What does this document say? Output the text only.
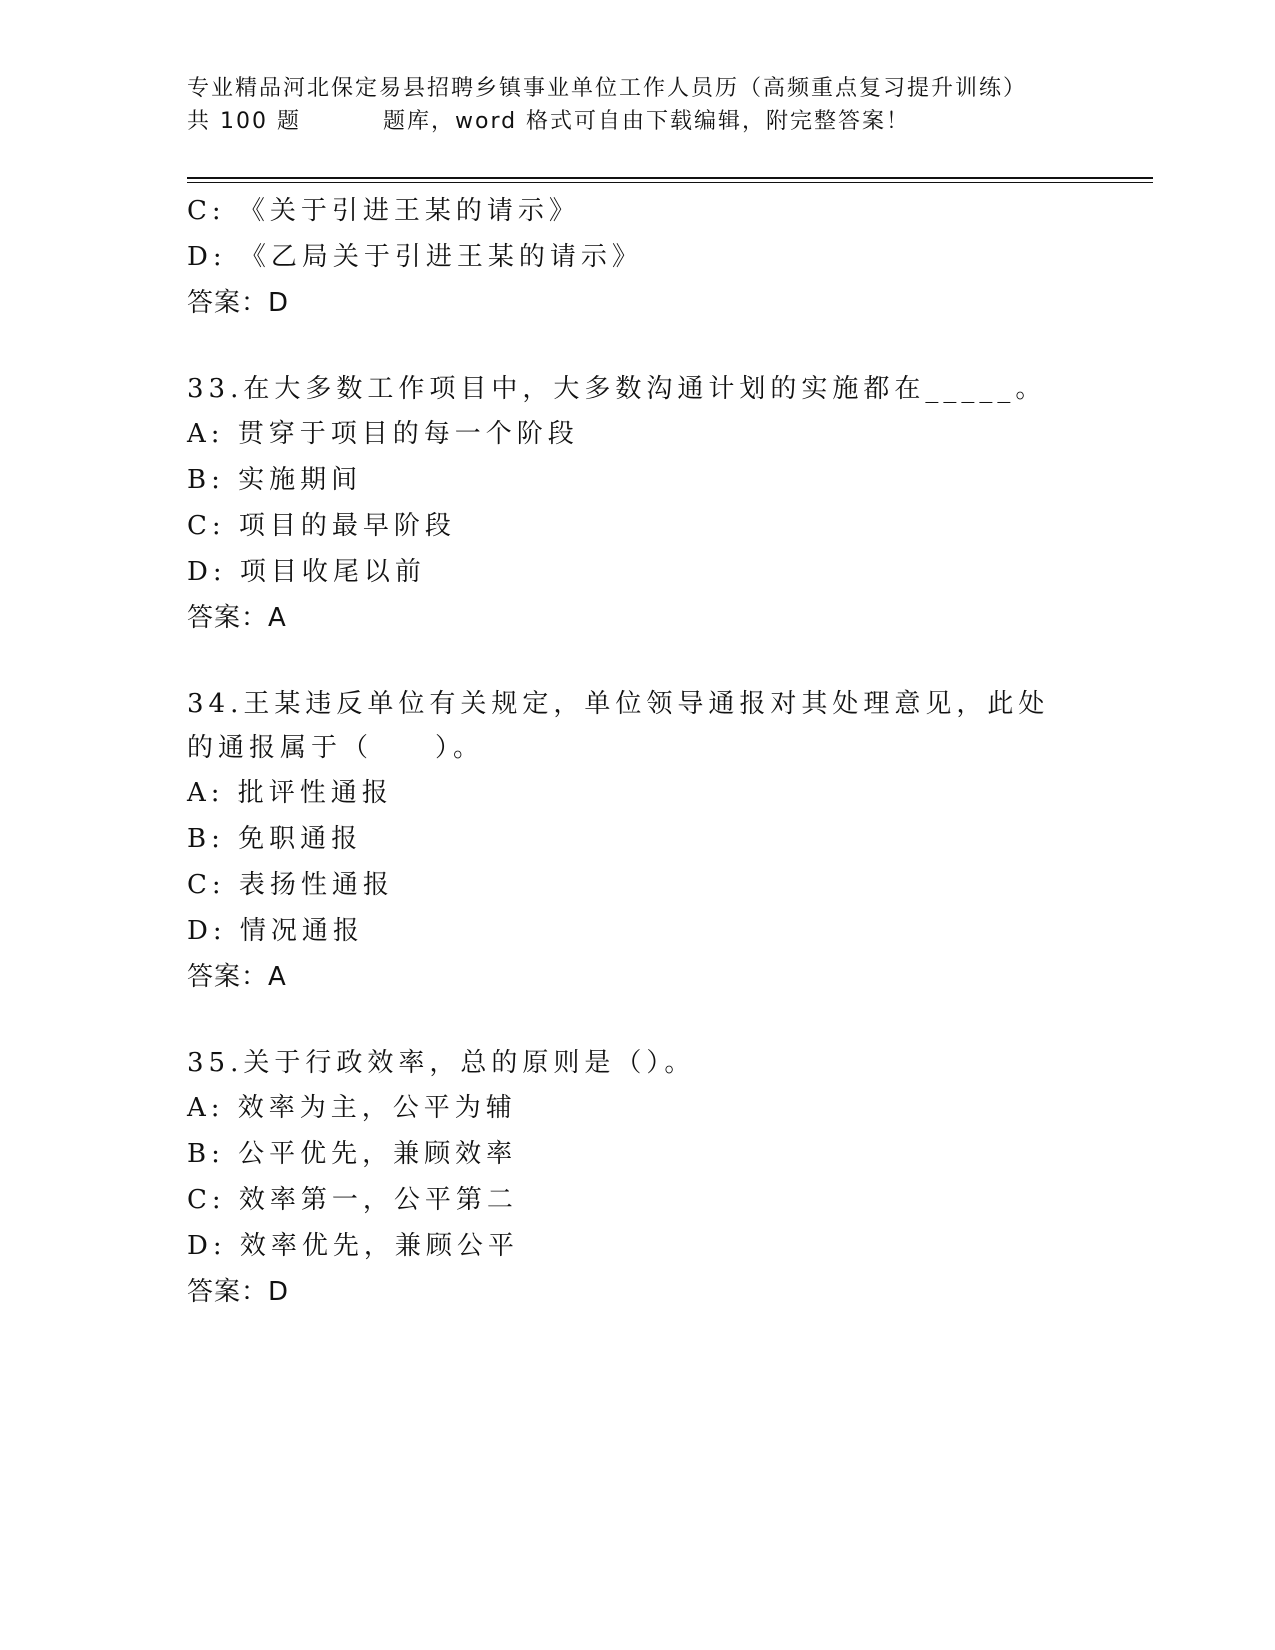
专业精品河北保定易县招聘乡镇事业单位工作人员历（高频重点复习提升训练）
共 100 题	题库，word 格式可自由下载编辑，附完整答案！
C: 《关于引进王某的请示》
D: 《乙局关于引进王某的请示》
答案：D
33.在大多数工作项目中，大多数沟通计划的实施都在_____。
A: 贯穿于项目的每一个阶段
B: 实施期间
C: 项目的最早阶段
D: 项目收尾以前
答案：A
34.王某违反单位有关规定，单位领导通报对其处理意见，此处的通报属于（　　）。
A: 批评性通报
B: 免职通报
C: 表扬性通报
D: 情况通报
答案：A
35.关于行政效率，总的原则是（）。
A: 效率为主，公平为辅
B: 公平优先，兼顾效率
C: 效率第一，公平第二
D: 效率优先，兼顾公平
答案：D
